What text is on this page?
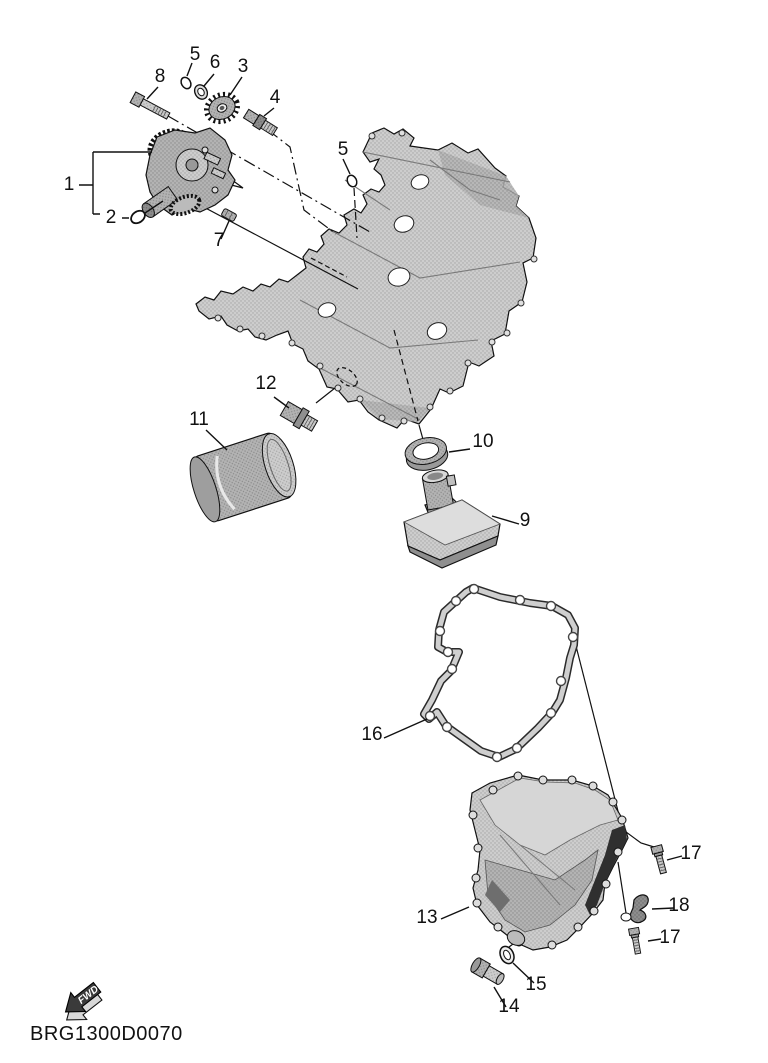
1
2
3
4
5
5
6
7
8
9
10
11
12
13
14
15
16
17
17
18
FWD
BRG1300D0070
